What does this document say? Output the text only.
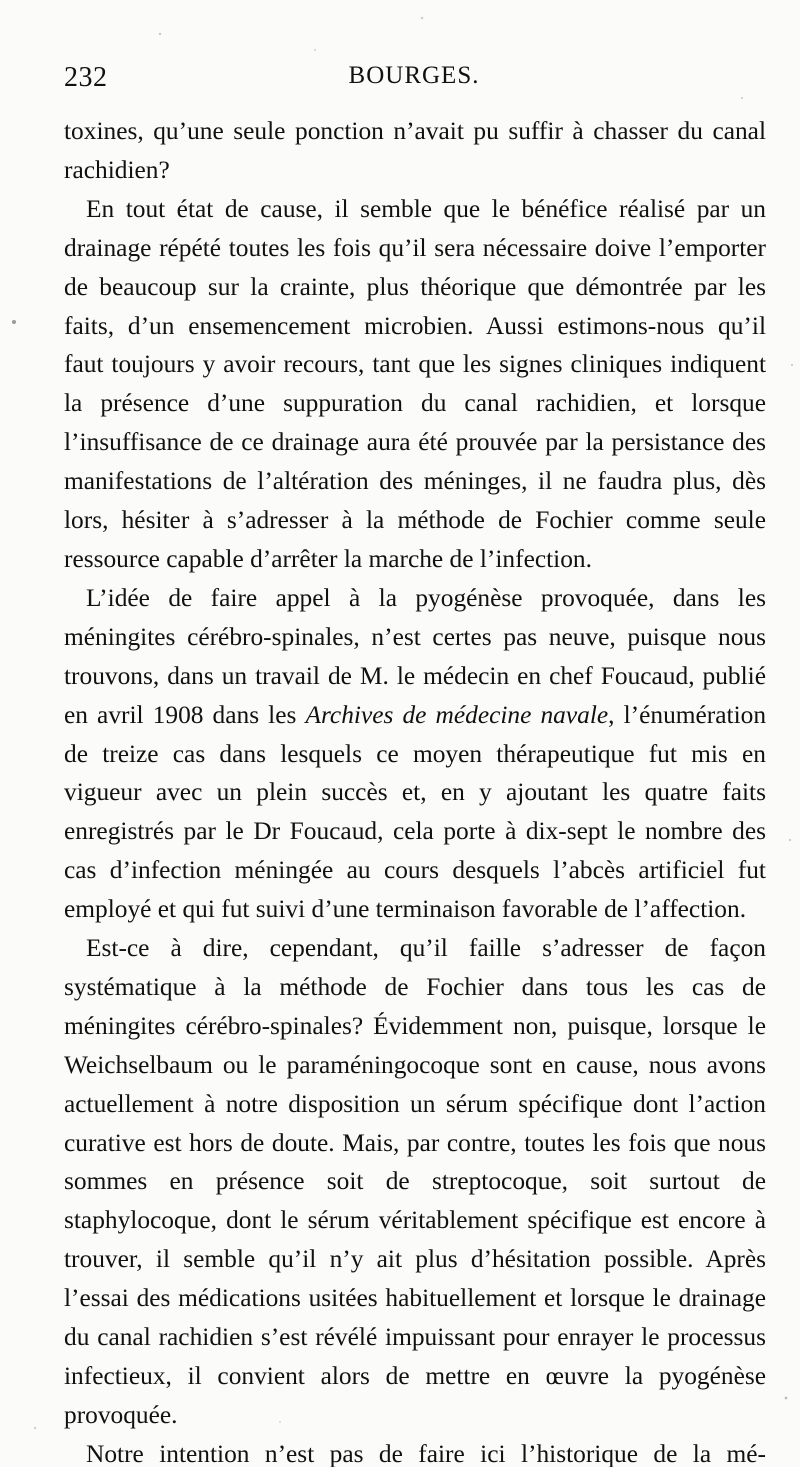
232	BOURGES.

toxines, qu’une seule ponction n’avait pu suffir à chasser du canal rachidien?

En tout état de cause, il semble que le bénéfice réalisé par un drainage répété toutes les fois qu’il sera nécessaire doive l’emporter de beaucoup sur la crainte, plus théorique que démontrée par les faits, d’un ensemencement microbien. Aussi estimons-nous qu’il faut toujours y avoir recours, tant que les signes cliniques indiquent la présence d’une suppuration du canal rachidien, et lorsque l’insuffisance de ce drainage aura été prouvée par la persistance des manifestations de l’altération des méninges, il ne faudra plus, dès lors, hésiter à s’adresser à la méthode de Fochier comme seule ressource capable d’arrêter la marche de l’infection.

L’idée de faire appel à la pyogénèse provoquée, dans les méningites cérébro-spinales, n’est certes pas neuve, puisque nous trouvons, dans un travail de M. le médecin en chef Foucaud, publié en avril 1908 dans les Archives de médecine navale, l’énumération de treize cas dans lesquels ce moyen thérapeutique fut mis en vigueur avec un plein succès et, en y ajoutant les quatre faits enregistrés par le Dr Foucaud, cela porte à dix-sept le nombre des cas d’infection méningée au cours desquels l’abcès artificiel fut employé et qui fut suivi d’une terminaison favorable de l’affection.

Est-ce à dire, cependant, qu’il faille s’adresser de façon systématique à la méthode de Fochier dans tous les cas de méningites cérébro-spinales? Évidemment non, puisque, lorsque le Weichselbaum ou le paraméningocoque sont en cause, nous avons actuellement à notre disposition un sérum spécifique dont l’action curative est hors de doute. Mais, par contre, toutes les fois que nous sommes en présence soit de streptocoque, soit surtout de staphylocoque, dont le sérum véritablement spécifique est encore à trouver, il semble qu’il n’y ait plus d’hésitation possible. Après l’essai des médications usitées habituellement et lorsque le drainage du canal rachidien s’est révélé impuissant pour enrayer le processus infectieux, il convient alors de mettre en œuvre la pyogénèse provoquée.

Notre intention n’est pas de faire ici l’historique de la mé-
